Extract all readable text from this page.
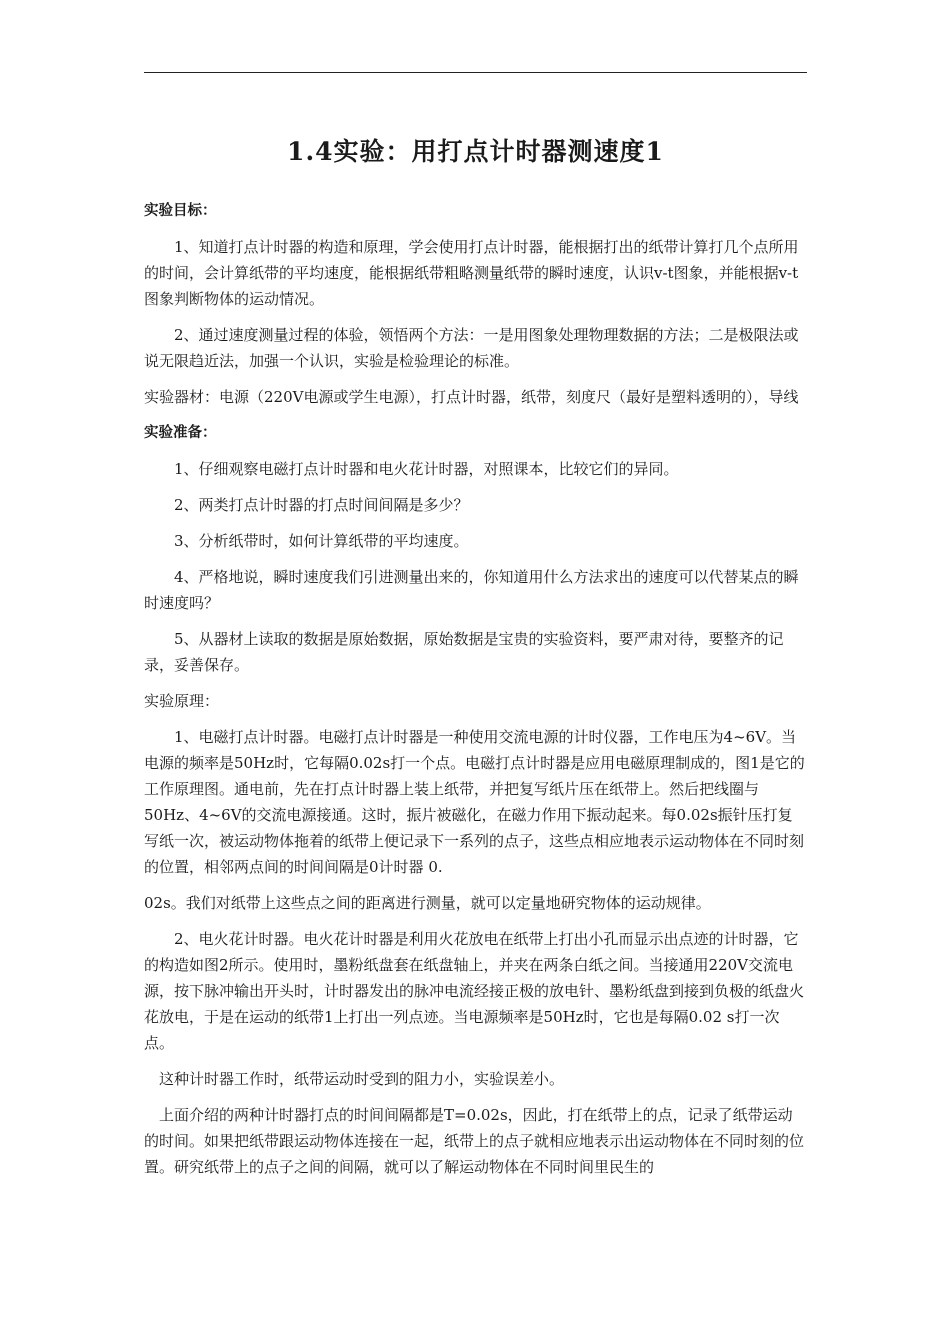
1.4实验：用打点计时器测速度1

实验目标：

1、知道打点计时器的构造和原理，学会使用打点计时器，能根据打出的纸带计算打几个点所用的时间，会计算纸带的平均速度，能根据纸带粗略测量纸带的瞬时速度，认识v-t图象，并能根据v-t图象判断物体的运动情况。

2、通过速度测量过程的体验，领悟两个方法：一是用图象处理物理数据的方法；二是极限法或说无限趋近法，加强一个认识，实验是检验理论的标准。

实验器材：电源（220V电源或学生电源），打点计时器，纸带，刻度尺（最好是塑料透明的），导线

实验准备：

1、仔细观察电磁打点计时器和电火花计时器，对照课本，比较它们的异同。

2、两类打点计时器的打点时间间隔是多少？

3、分析纸带时，如何计算纸带的平均速度。

4、严格地说，瞬时速度我们引进测量出来的，你知道用什么方法求出的速度可以代替某点的瞬时速度吗？

5、从器材上读取的数据是原始数据，原始数据是宝贵的实验资料，要严肃对待，要整齐的记录，妥善保存。

实验原理：

1、电磁打点计时器。电磁打点计时器是一种使用交流电源的计时仪器，工作电压为4~6V。当电源的频率是50Hz时，它每隔0.02s打一个点。电磁打点计时器是应用电磁原理制成的，图1是它的工作原理图。通电前，先在打点计时器上装上纸带，并把复写纸片压在纸带上。然后把线圈与50Hz、4~6V的交流电源接通。这时，振片被磁化，在磁力作用下振动起来。每0.02s振针压打复写纸一次，被运动物体拖着的纸带上便记录下一系列的点子，这些点相应地表示运动物体在不同时刻的位置，相邻两点间的时间间隔是0计时器 0.

02s。我们对纸带上这些点之间的距离进行测量，就可以定量地研究物体的运动规律。

2、电火花计时器。电火花计时器是利用火花放电在纸带上打出小孔而显示出点迹的计时器，它的构造如图2所示。使用时，墨粉纸盘套在纸盘轴上，并夹在两条白纸之间。当接通用220V交流电源，按下脉冲输出开头时，计时器发出的脉冲电流经接正极的放电针、墨粉纸盘到接到负极的纸盘火花放电，于是在运动的纸带1上打出一列点迹。当电源频率是50Hz时，它也是每隔0.02 s打一次点。

这种计时器工作时，纸带运动时受到的阻力小，实验误差小。

上面介绍的两种计时器打点的时间间隔都是T=0.02s，因此，打在纸带上的点，记录了纸带运动的时间。如果把纸带跟运动物体连接在一起，纸带上的点子就相应地表示出运动物体在不同时刻的位置。研究纸带上的点子之间的间隔，就可以了解运动物体在不同时间里民生的
